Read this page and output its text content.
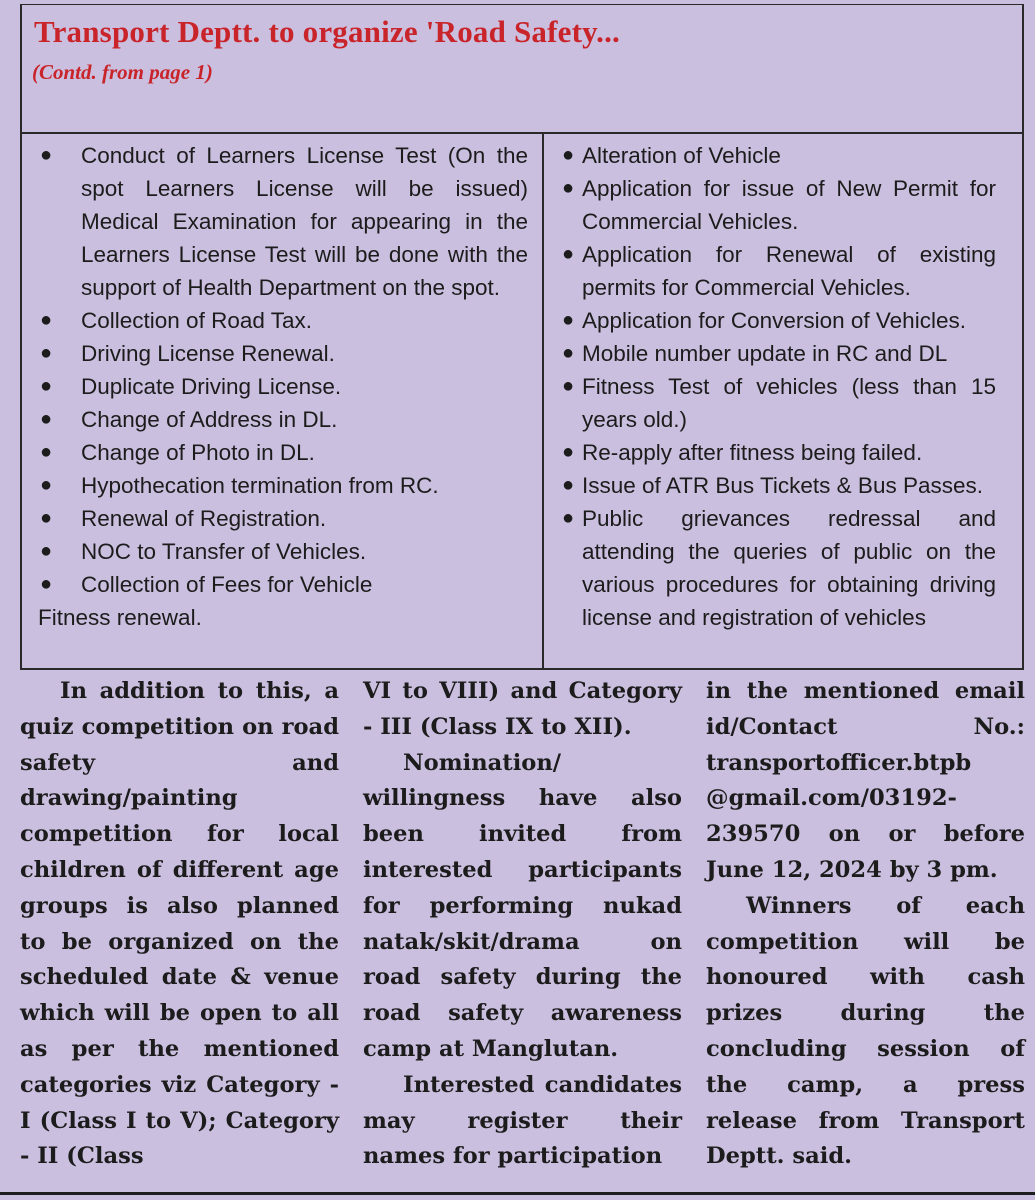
Transport Deptt. to organize 'Road Safety...
(Contd. from page 1)
● Conduct of Learners License Test (On the spot Learners License will be issued) Medical Examination for appearing in the Learners License Test will be done with the support of Health Department on the spot.
● Collection of Road Tax.
● Driving License Renewal.
● Duplicate Driving License.
● Change of Address in DL.
● Change of Photo in DL.
● Hypothecation termination from RC.
● Renewal of Registration.
● NOC to Transfer of Vehicles.
● Collection of Fees for Vehicle
Fitness renewal.
● Alteration of Vehicle
● Application for issue of New Permit for Commercial Vehicles.
● Application for Renewal of existing permits for Commercial Vehicles.
● Application for Conversion of Vehicles.
● Mobile number update in RC and DL
● Fitness Test of vehicles (less than 15 years old.)
● Re-apply after fitness being failed.
● Issue of ATR Bus Tickets & Bus Passes.
● Public grievances redressal and attending the queries of public on the various procedures for obtaining driving license and registration of vehicles

In addition to this, a quiz competition on road safety and drawing/painting competition for local children of different age groups is also planned to be organized on the scheduled date & venue which will be open to all as per the mentioned categories viz Category - I (Class I to V); Category - II (Class

VI to VIII) and Category - III (Class IX to XII).

Nomination/ willingness have also been invited from interested participants for performing nukad natak/skit/drama on road safety during the road safety awareness camp at Manglutan.

Interested candidates may register their names for participation

in the mentioned email id/Contact No.: transportofficer.btpb @gmail.com/03192-239570 on or before June 12, 2024 by 3 pm.

Winners of each competition will be honoured with cash prizes during the concluding session of the camp, a press release from Transport Deptt. said.
